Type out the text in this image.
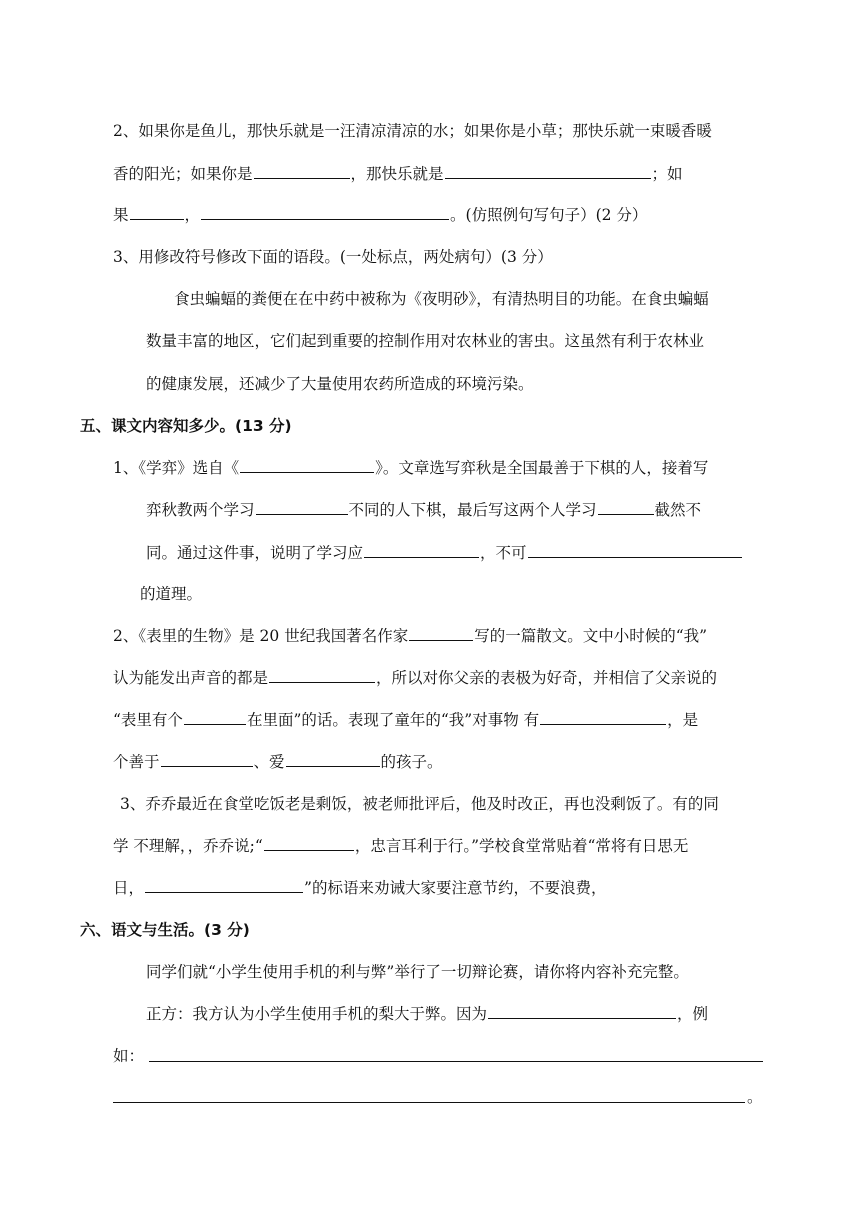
2、如果你是鱼儿，那快乐就是一汪清凉清凉的水；如果你是小草；那快乐就一束暖香暖
香的阳光；如果你是	，那快乐就是	；如
果	，	。(仿照例句写句子）(2 分）
3、用修改符号修改下面的语段。(一处标点，两处病句）(3 分）
食虫蝙蝠的粪便在在中药中被称为《夜明砂》，有清热明目的功能。在食虫蝙蝠
数量丰富的地区，它们起到重要的控制作用对农林业的害虫。这虽然有利于农林业
的健康发展，还减少了大量使用农药所造成的环境污染。
五、课文内容知多少。(13 分)
1、《学弈》选自《	》。文章选写弈秋是全国最善于下棋的人，接着写
弈秋教两个学习	不同的人下棋，最后写这两个人学习	截然不
同。通过这件事，说明了学习应	，不可
的道理。
2、《表里的生物》是 20 世纪我国著名作家	写的一篇散文。文中小时候的“我”
认为能发出声音的都是	，所以对你父亲的表极为好奇，并相信了父亲说的
“表里有个	在里面”的话。表现了童年的“我”对事物 有	，是
个善于	、爱	的孩子。
3、乔乔最近在食堂吃饭老是剩饭，被老师批评后，他及时改正，再也没剩饭了。有的同
学 不理解，，乔乔说;“	，忠言耳利于行。”学校食堂常贴着“常将有日思无
日，	”的标语来劝诫大家要注意节约，不要浪费，
六、语文与生活。(3 分)
同学们就“小学生使用手机的利与弊”举行了一切辩论赛，请你将内容补充完整。
正方：我方认为小学生使用手机的梨大于弊。因为	，例
如：
。
